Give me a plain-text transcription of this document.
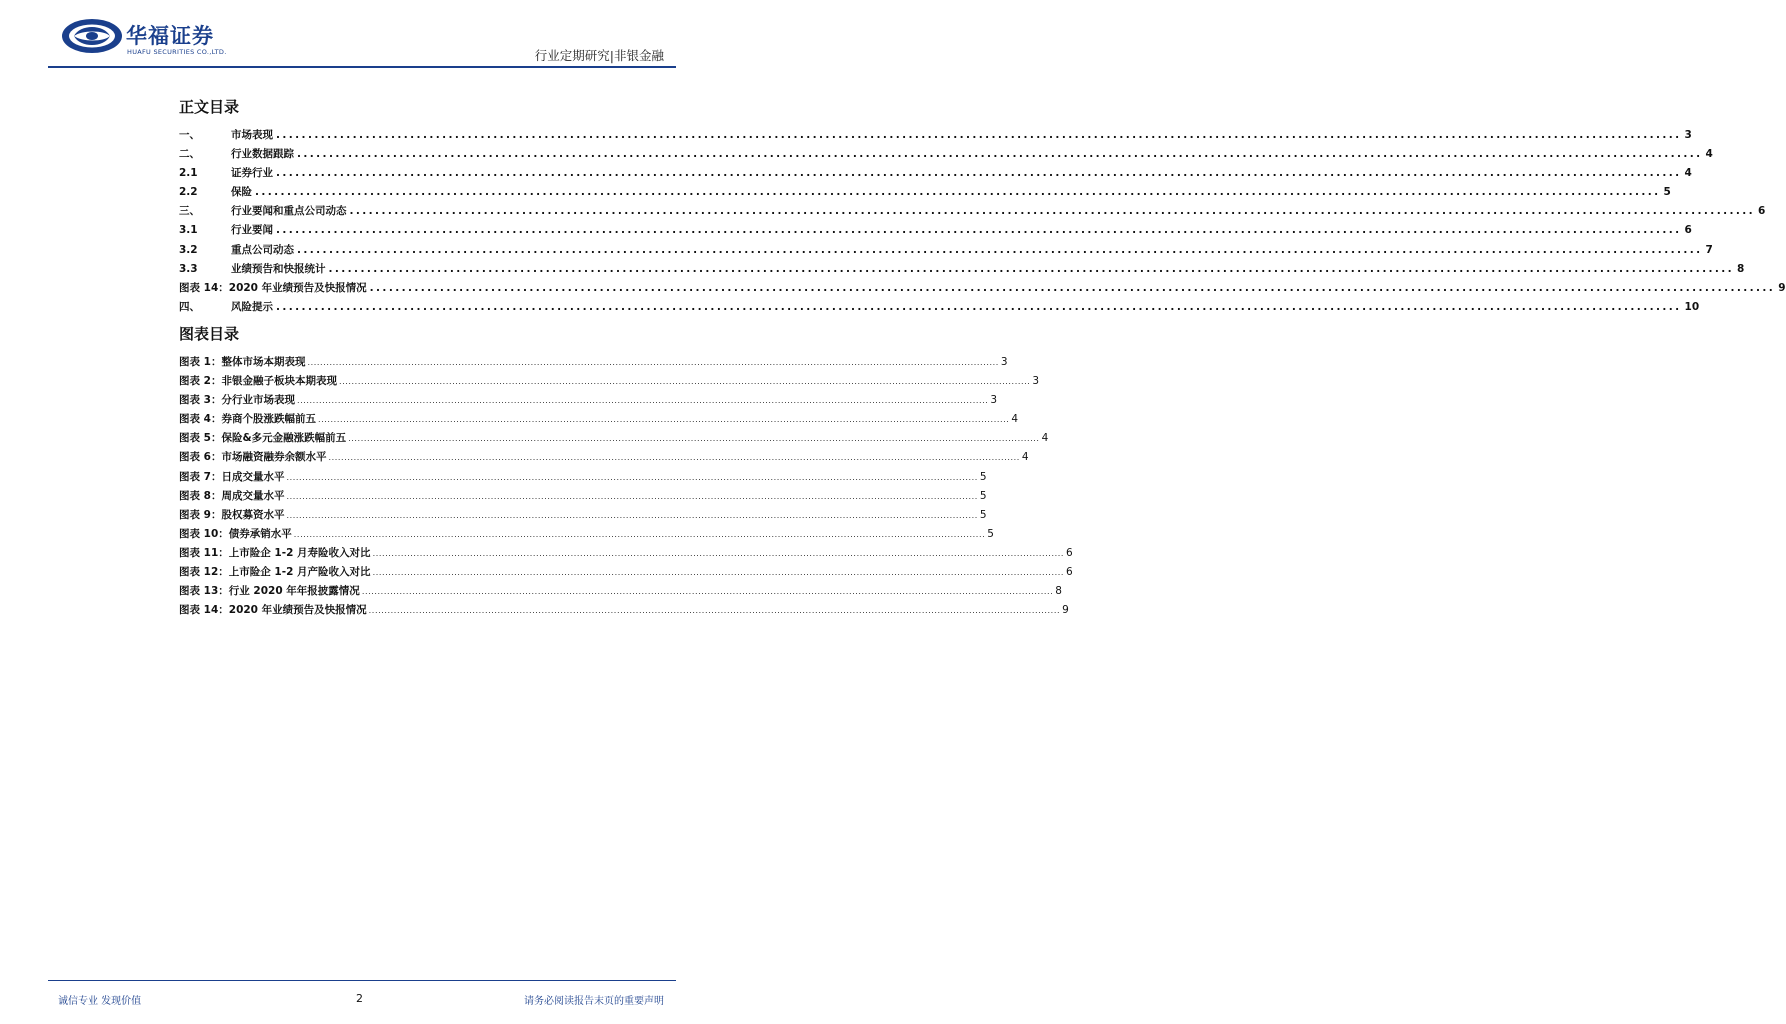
华福证券
HUAFU SECURITIES CO.,LTD.	行业定期研究|非银金融
正文目录
一、	市场表现 ............................................................................................................................................................................................................................ 3
二、	行业数据跟踪 ............................................................................................................................................................................................................................ 4
2.1	证券行业 ............................................................................................................................................................................................................................ 4
2.2	保险 ............................................................................................................................................................................................................................ 5
三、	行业要闻和重点公司动态 ............................................................................................................................................................................................................................ 6
3.1	行业要闻 ............................................................................................................................................................................................................................ 6
3.2	重点公司动态 ............................................................................................................................................................................................................................ 7
3.3	业绩预告和快报统计 ............................................................................................................................................................................................................................ 8
图表 14：2020 年业绩预告及快报情况 ............................................................................................................................................................................................................................ 9
四、	风险提示 ............................................................................................................................................................................................................................ 10
图表目录
图表 1：整体市场本期表现 ............................................................................................................................................................................................................................ 3
图表 2：非银金融子板块本期表现 ............................................................................................................................................................................................................................ 3
图表 3：分行业市场表现 ............................................................................................................................................................................................................................ 3
图表 4：券商个股涨跌幅前五 ............................................................................................................................................................................................................................ 4
图表 5：保险&多元金融涨跌幅前五 ............................................................................................................................................................................................................................ 4
图表 6：市场融资融券余额水平 ............................................................................................................................................................................................................................ 4
图表 7：日成交量水平 ............................................................................................................................................................................................................................ 5
图表 8：周成交量水平 ............................................................................................................................................................................................................................ 5
图表 9：股权募资水平 ............................................................................................................................................................................................................................ 5
图表 10：债券承销水平 ............................................................................................................................................................................................................................ 5
图表 11：上市险企 1-2 月寿险收入对比 ............................................................................................................................................................................................................................ 6
图表 12：上市险企 1-2 月产险收入对比 ............................................................................................................................................................................................................................ 6
图表 13：行业 2020 年年报披露情况 ............................................................................................................................................................................................................................ 8
图表 14：2020 年业绩预告及快报情况 ............................................................................................................................................................................................................................ 9
诚信专业 发现价值	2	请务必阅读报告末页的重要声明
